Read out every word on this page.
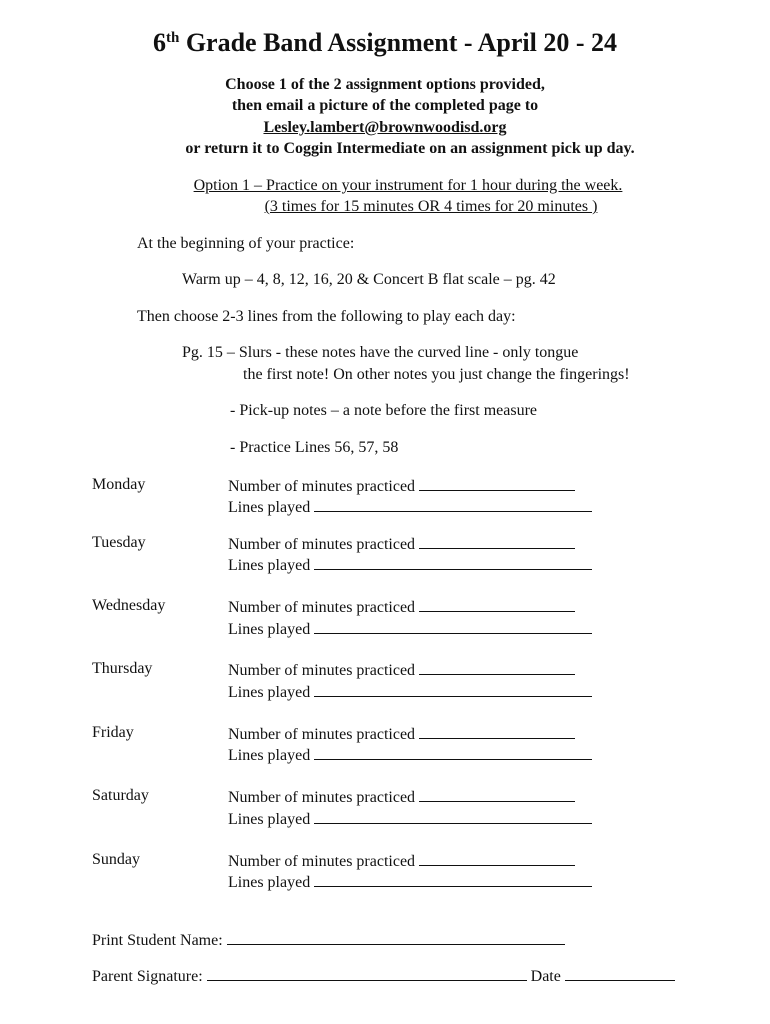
6th Grade Band Assignment - April 20 - 24
Choose 1 of the 2 assignment options provided,
then email a picture of the completed page to
Lesley.lambert@brownwoodisd.org
or return it to Coggin Intermediate on an assignment pick up day.
Option 1 – Practice on your instrument for 1 hour during the week.
(3 times for 15 minutes OR 4 times for 20 minutes )
At the beginning of your practice:
Warm up – 4, 8, 12, 16, 20 & Concert B flat scale – pg. 42
Then choose 2-3 lines from the following to play each day:
Pg. 15 – Slurs - these notes have the curved line - only tongue
the first note! On other notes you just change the fingerings!
- Pick-up notes – a note before the first measure
- Practice Lines 56, 57, 58
Monday	Number of minutes practiced
Lines played
Tuesday	Number of minutes practiced
Lines played
Wednesday	Number of minutes practiced
Lines played
Thursday	Number of minutes practiced
Lines played
Friday	Number of minutes practiced
Lines played
Saturday	Number of minutes practiced
Lines played
Sunday	Number of minutes practiced
Lines played
Print Student Name:
Parent Signature:	Date
